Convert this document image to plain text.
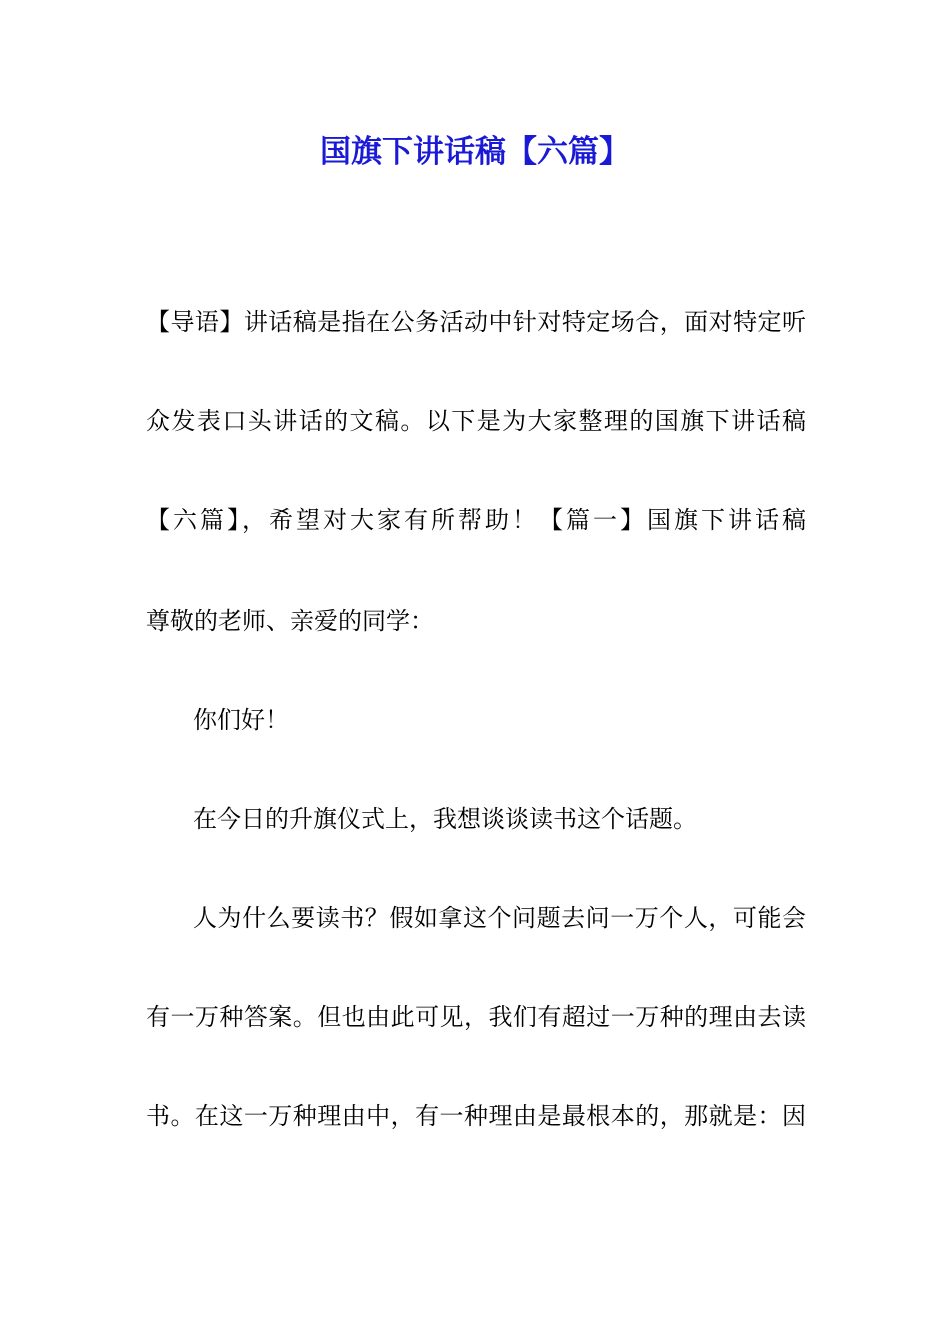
国旗下讲话稿【六篇】

【导语】讲话稿是指在公务活动中针对特定场合，面对特定听

众发表口头讲话的文稿。以下是为大家整理的国旗下讲话稿

【六篇】，希望对大家有所帮助！【篇一】国旗下讲话稿

尊敬的老师、亲爱的同学：

你们好！

在今日的升旗仪式上，我想谈谈读书这个话题。

人为什么要读书？假如拿这个问题去问一万个人，可能会

有一万种答案。但也由此可见，我们有超过一万种的理由去读

书。在这一万种理由中，有一种理由是最根本的，那就是：因
